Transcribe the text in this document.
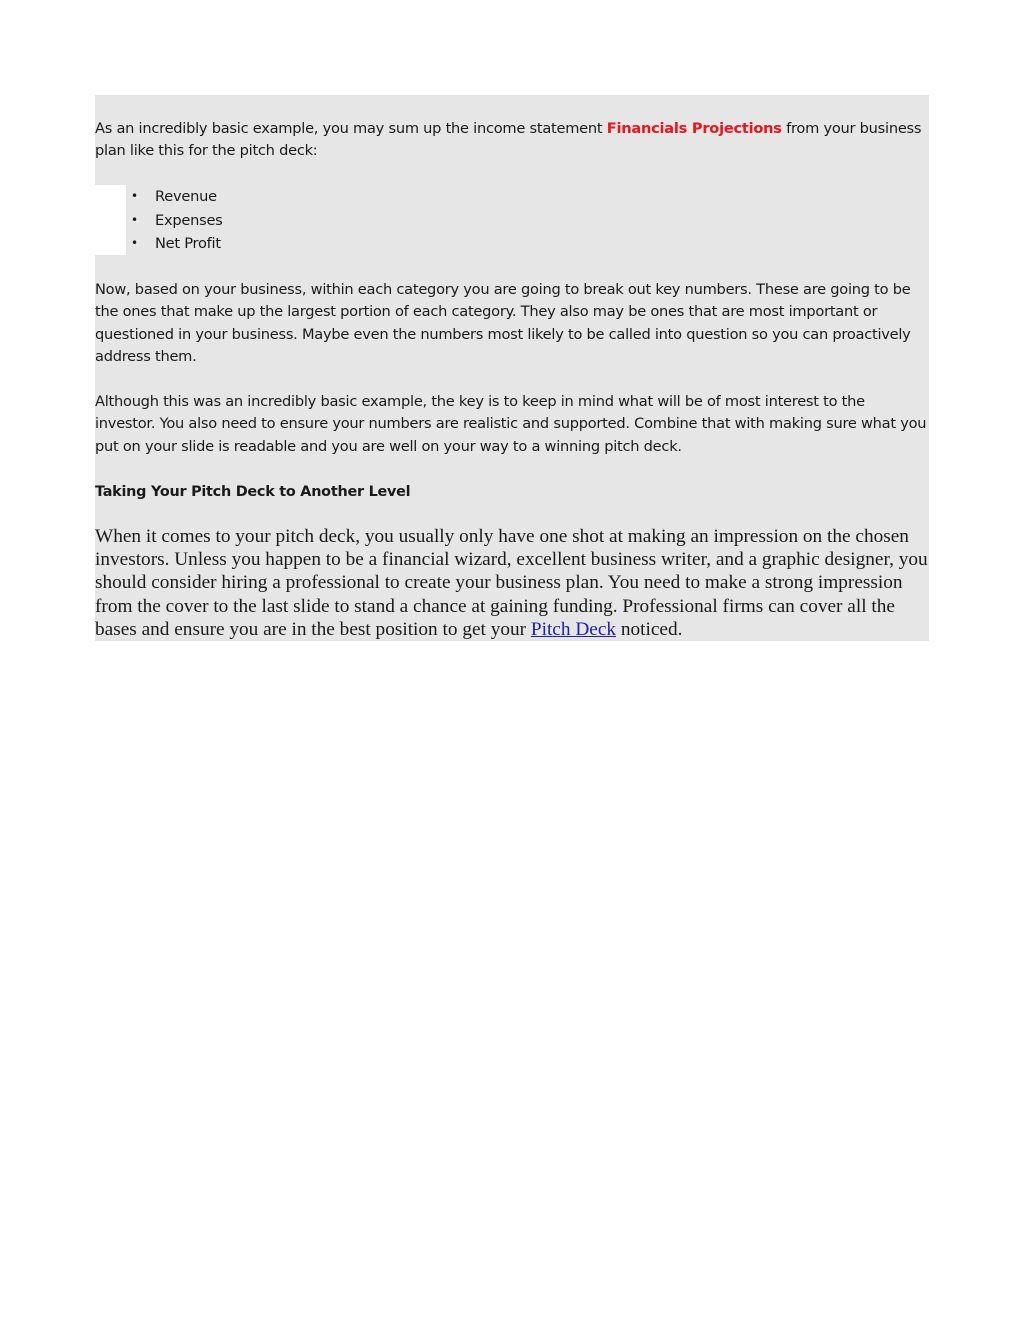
As an incredibly basic example, you may sum up the income statement Financials Projections from your business plan like this for the pitch deck:

• Revenue
• Expenses
• Net Profit

Now, based on your business, within each category you are going to break out key numbers. These are going to be the ones that make up the largest portion of each category. They also may be ones that are most important or questioned in your business. Maybe even the numbers most likely to be called into question so you can proactively address them.

Although this was an incredibly basic example, the key is to keep in mind what will be of most interest to the investor. You also need to ensure your numbers are realistic and supported. Combine that with making sure what you put on your slide is readable and you are well on your way to a winning pitch deck.

Taking Your Pitch Deck to Another Level

When it comes to your pitch deck, you usually only have one shot at making an impression on the chosen investors. Unless you happen to be a financial wizard, excellent business writer, and a graphic designer, you should consider hiring a professional to create your business plan. You need to make a strong impression from the cover to the last slide to stand a chance at gaining funding. Professional firms can cover all the bases and ensure you are in the best position to get your Pitch Deck noticed.
